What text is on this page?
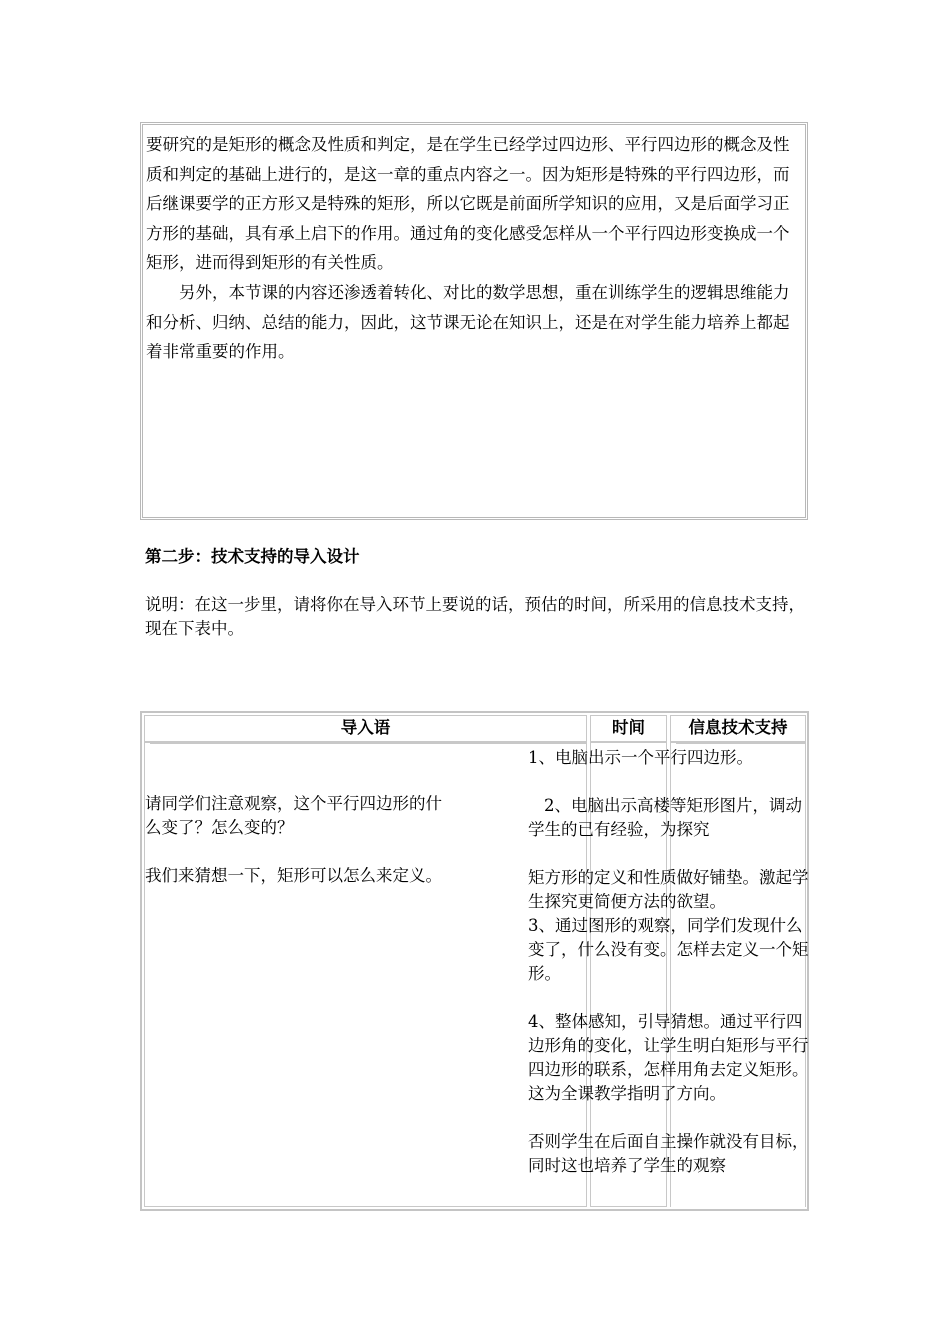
要研究的是矩形的概念及性质和判定，是在学生已经学过四边形、平行四边形的概念及性质和判定的基础上进行的，是这一章的重点内容之一。因为矩形是特殊的平行四边形，而后继课要学的正方形又是特殊的矩形，所以它既是前面所学知识的应用，又是后面学习正方形的基础，具有承上启下的作用。通过角的变化感受怎样从一个平行四边形变换成一个矩形，进而得到矩形的有关性质。

另外，本节课的内容还渗透着转化、对比的数学思想，重在训练学生的逻辑思维能力和分析、归纳、总结的能力，因此，这节课无论在知识上，还是在对学生能力培养上都起着非常重要的作用。

第二步：技术支持的导入设计
说明：在这一步里，请将你在导入环节上要说的话，预估的时间，所采用的信息技术支持，现在下表中。
导入语	时间	信息技术支持

请同学们注意观察，这个平行四边形的什么变了？怎么变的？

我们来猜想一下，矩形可以怎么来定义。

1、电脑出示一个平行四边形。

2、电脑出示高楼等矩形图片，调动学生的已有经验，为探究

矩方形的定义和性质做好铺垫。激起学生探究更简便方法的欲望。

3、通过图形的观察，同学们发现什么变了，什么没有变。怎样去定义一个矩形。

4、整体感知，引导猜想。通过平行四边形角的变化，让学生明白矩形与平行四边形的联系，怎样用角去定义矩形。这为全课教学指明了方向。

否则学生在后面自主操作就没有目标，同时这也培养了学生的观察
